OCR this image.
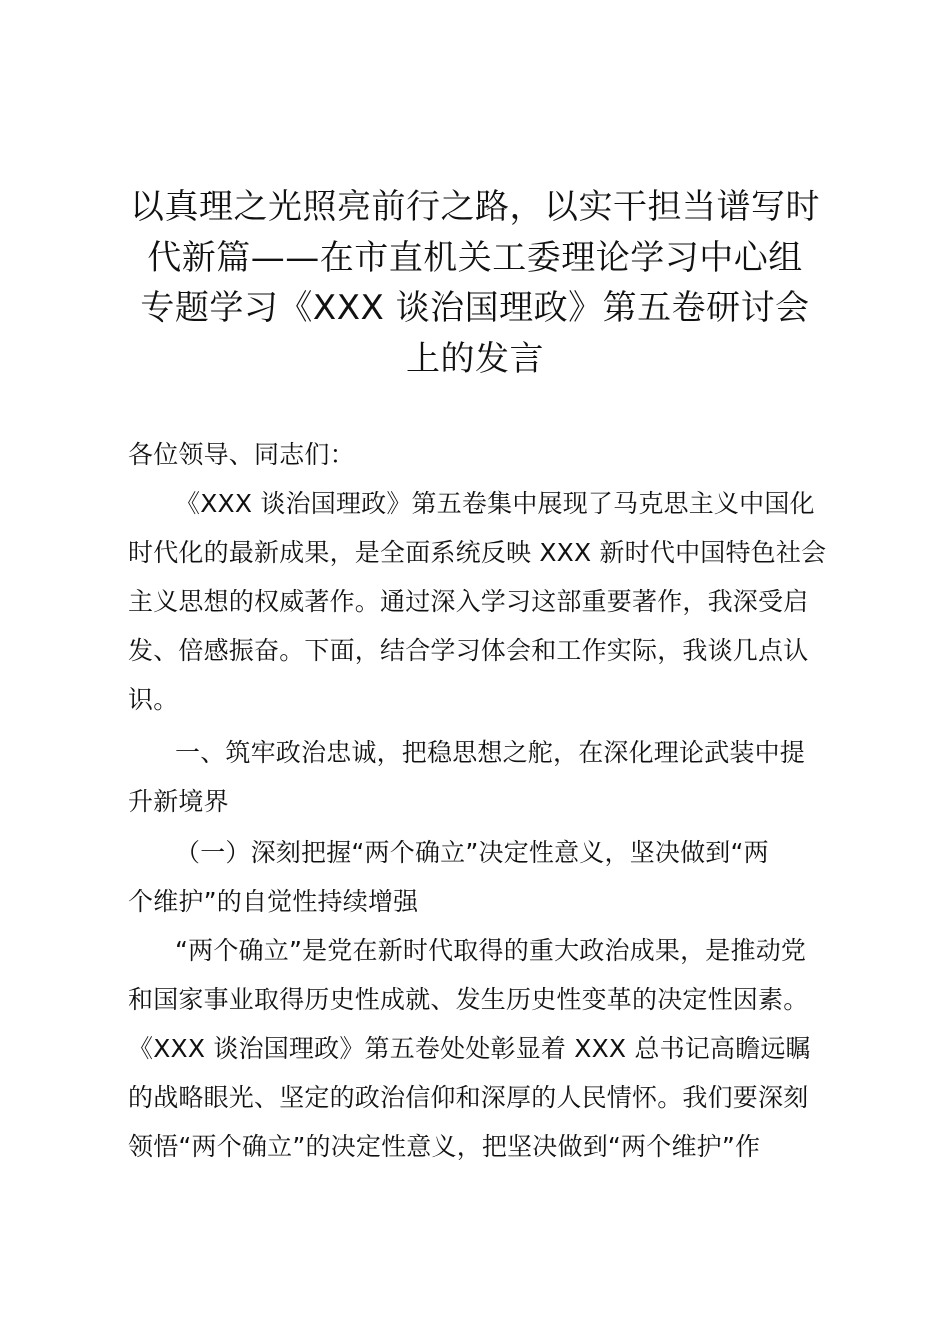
以真理之光照亮前行之路，以实干担当谱写时
代新篇——在市直机关工委理论学习中心组
专题学习《XXX 谈治国理政》第五卷研讨会
上的发言
各位领导、同志们：
《XXX 谈治国理政》第五卷集中展现了马克思主义中国化
时代化的最新成果，是全面系统反映 XXX 新时代中国特色社会
主义思想的权威著作。通过深入学习这部重要著作，我深受启
发、倍感振奋。下面，结合学习体会和工作实际，我谈几点认
识。
一、筑牢政治忠诚，把稳思想之舵，在深化理论武装中提
升新境界
（一）深刻把握“两个确立”决定性意义，坚决做到“两
个维护”的自觉性持续增强
“两个确立”是党在新时代取得的重大政治成果，是推动党
和国家事业取得历史性成就、发生历史性变革的决定性因素。
《XXX 谈治国理政》第五卷处处彰显着 XXX 总书记高瞻远瞩
的战略眼光、坚定的政治信仰和深厚的人民情怀。我们要深刻
领悟“两个确立”的决定性意义，把坚决做到“两个维护”作
